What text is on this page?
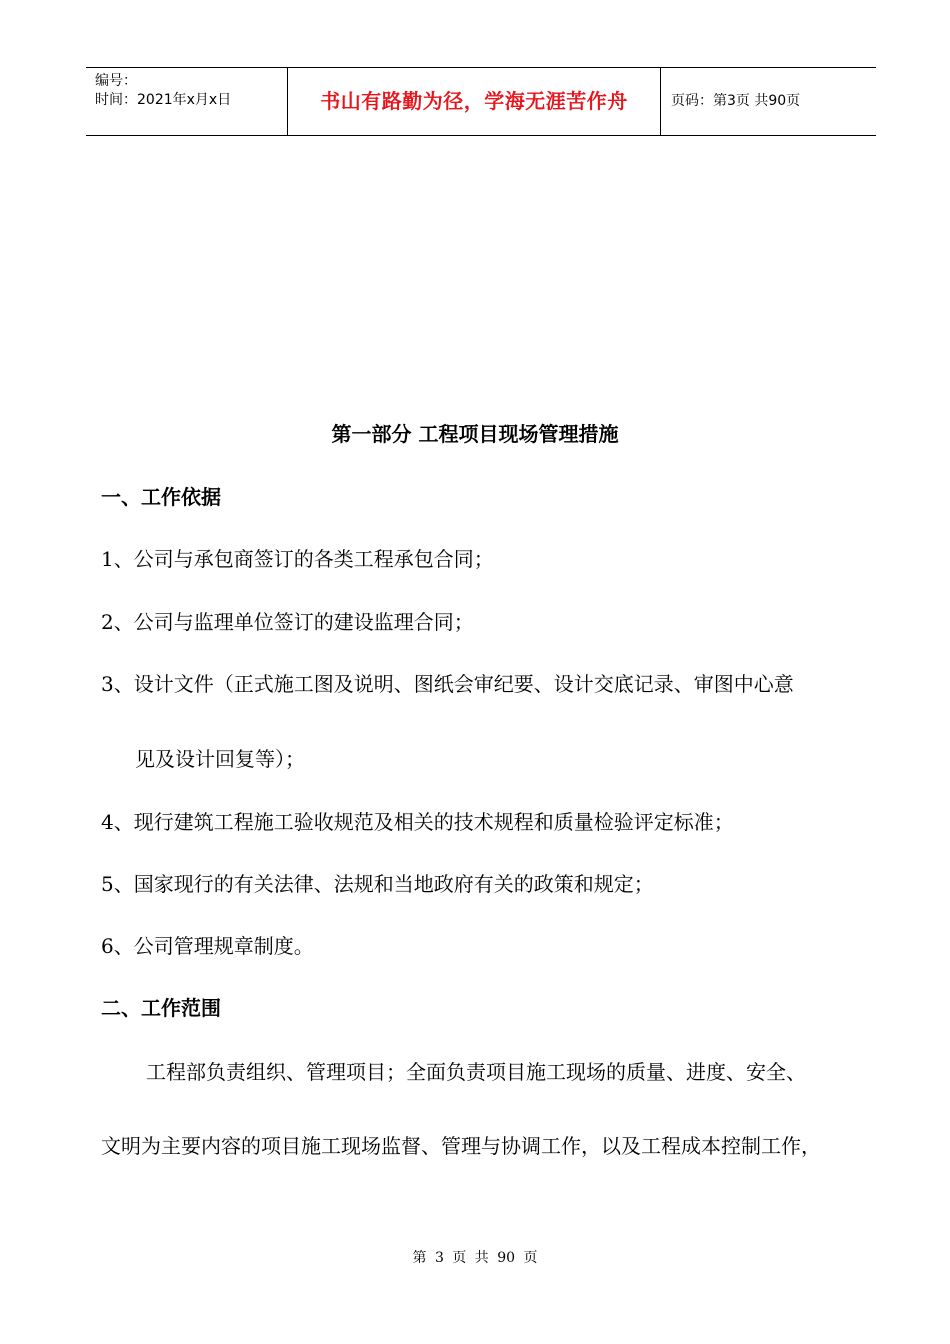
编号：
时间：2021年x月x日	书山有路勤为径，学海无涯苦作舟	页码：第3页 共90页
第一部分 工程项目现场管理措施
一、工作依据
1、公司与承包商签订的各类工程承包合同；
2、公司与监理单位签订的建设监理合同；
3、设计文件（正式施工图及说明、图纸会审纪要、设计交底记录、审图中心意
见及设计回复等）；
4、现行建筑工程施工验收规范及相关的技术规程和质量检验评定标准；
5、国家现行的有关法律、法规和当地政府有关的政策和规定；
6、公司管理规章制度。
二、工作范围
工程部负责组织、管理项目；全面负责项目施工现场的质量、进度、安全、
文明为主要内容的项目施工现场监督、管理与协调工作，以及工程成本控制工作，
第 3 页 共 90 页
